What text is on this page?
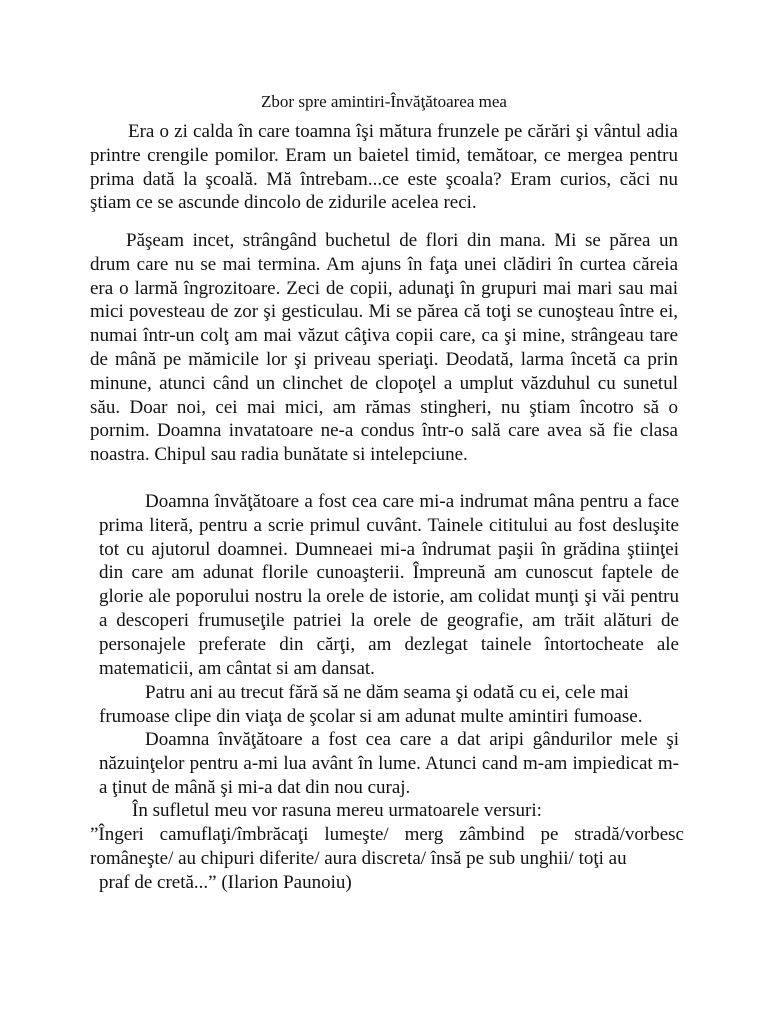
Zbor spre amintiri-Învăţătoarea mea

Era o zi calda în care toamna îşi mătura frunzele pe cărări şi vântul adia printre crengile pomilor. Eram un baietel timid, temătoar, ce mergea pentru prima dată la şcoală. Mă întrebam...ce este şcoala? Eram curios, căci nu ştiam ce se ascunde dincolo de zidurile acelea reci.

Păşeam incet, strângând buchetul de flori din mana. Mi se părea un drum care nu se mai termina. Am ajuns în faţa unei clădiri în curtea căreia era o larmă îngrozitoare. Zeci de copii, adunaţi în grupuri mai mari sau mai mici povesteau de zor şi gesticulau. Mi se părea că toţi se cunoşteau între ei, numai într-un colţ am mai văzut câţiva copii care, ca şi mine, strângeau tare de mână pe mămicile lor şi priveau speriaţi. Deodată, larma încetă ca prin minune, atunci când un clinchet de clopoţel a umplut văzduhul cu sunetul său. Doar noi, cei mai mici, am rămas stingheri, nu ştiam încotro să o pornim. Doamna invatatoare ne-a condus într-o sală care avea să fie clasa noastra. Chipul sau radia bunătate si intelepciune.

Doamna învăţătoare a fost cea care mi-a indrumat mâna pentru a face prima literă, pentru a scrie primul cuvânt. Tainele cititului au fost desluşite tot cu ajutorul doamnei. Dumneaei mi-a îndrumat paşii în grădina ştiinţei din care am adunat florile cunoaşterii. Împreună am cunoscut faptele de glorie ale poporului nostru la orele de istorie, am colidat munţi şi văi pentru a descoperi frumuseţile patriei la orele de geografie, am trăit alături de personajele preferate din cărţi, am dezlegat tainele întortocheate ale matematicii, am cântat si am dansat.

Patru ani au trecut fără să ne dăm seama şi odată cu ei, cele mai frumoase clipe din viaţa de şcolar si am adunat multe amintiri fumoase.

Doamna învăţătoare a fost cea care a dat aripi gândurilor mele şi năzuinţelor pentru a-mi lua avânt în lume. Atunci cand m-am impiedicat m-a ţinut de mână şi mi-a dat din nou curaj.

În sufletul meu vor rasuna mereu urmatoarele versuri:

”Îngeri camuflaţi/îmbrăcaţi lumeşte/ merg zâmbind pe stradă/vorbesc româneşte/ au chipuri diferite/ aura discreta/ însă pe sub unghii/ toţi au
praf de cretă...” (Ilarion Paunoiu)
